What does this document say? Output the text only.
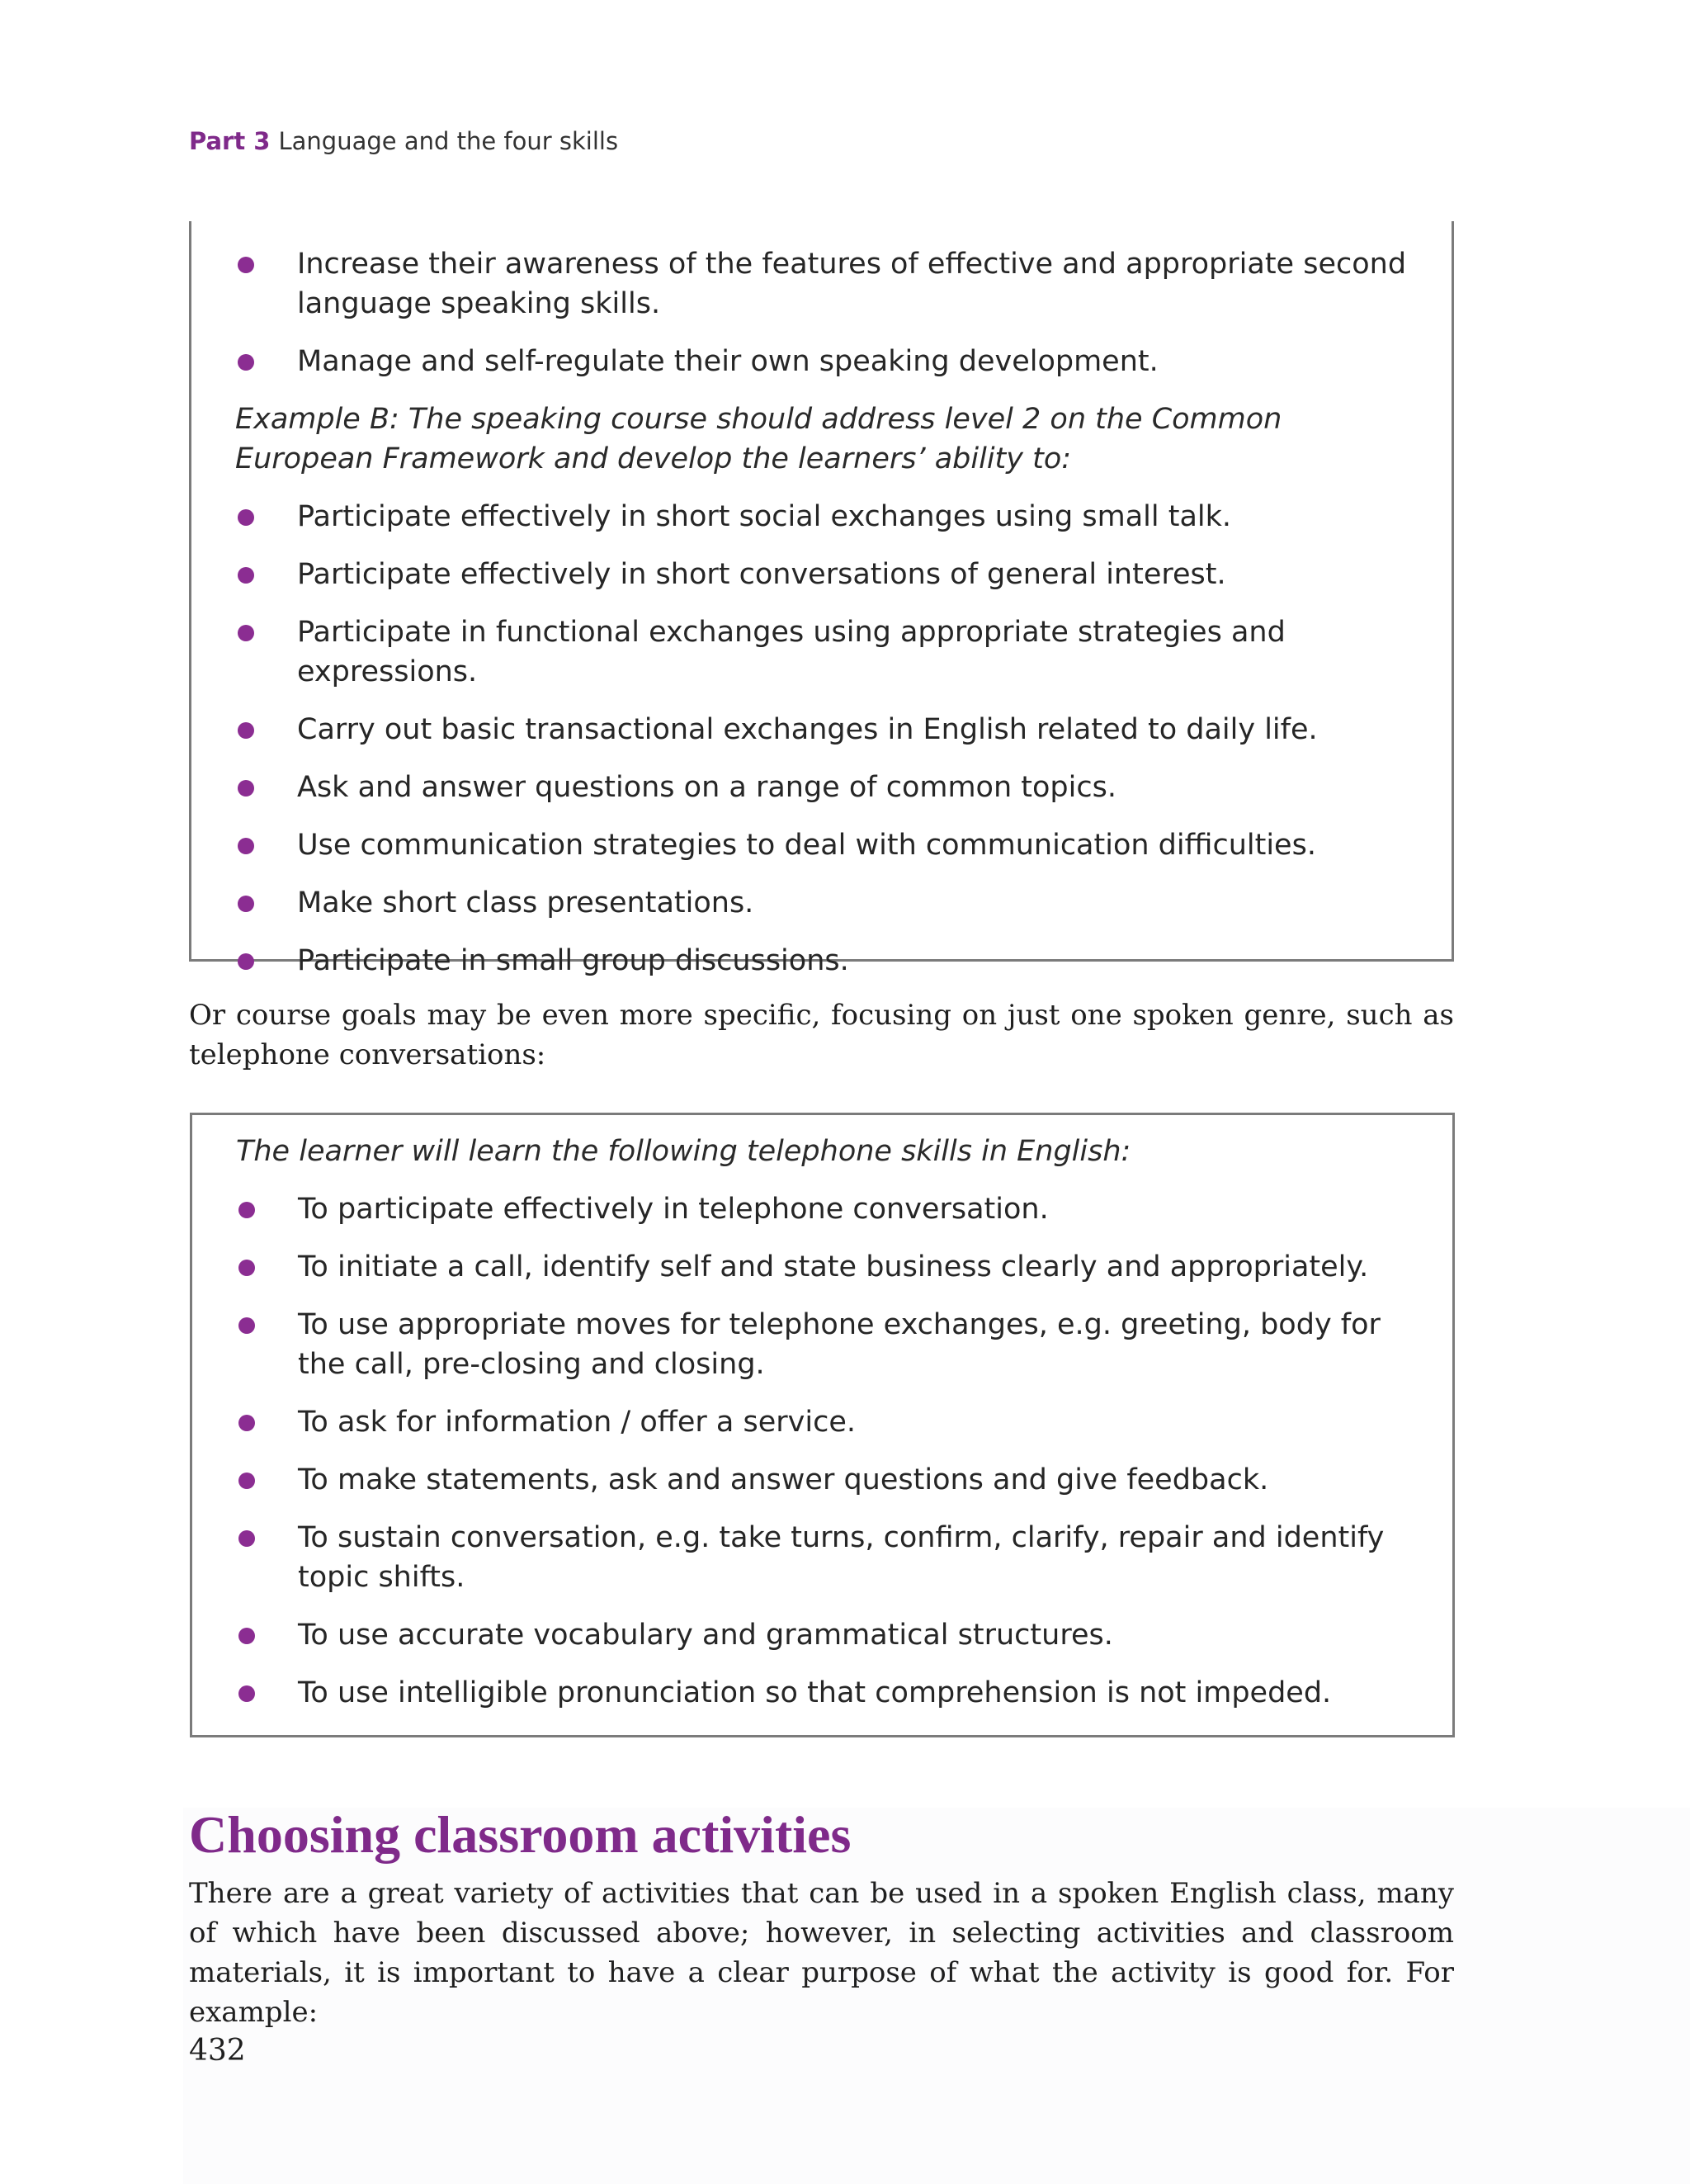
Part 3 Language and the four skills
Increase their awareness of the features of effective and appropriate second language speaking skills.
Manage and self-regulate their own speaking development.

Example B: The speaking course should address level 2 on the Common European Framework and develop the learners’ ability to:

Participate effectively in short social exchanges using small talk.
Participate effectively in short conversations of general interest.
Participate in functional exchanges using appropriate strategies and expressions.
Carry out basic transactional exchanges in English related to daily life.
Ask and answer questions on a range of common topics.
Use communication strategies to deal with communication difficulties.
Make short class presentations.
Participate in small group discussions.

Or course goals may be even more specific, focusing on just one spoken genre, such as telephone conversations:

The learner will learn the following telephone skills in English:

To participate effectively in telephone conversation.
To initiate a call, identify self and state business clearly and appropriately.
To use appropriate moves for telephone exchanges, e.g. greeting, body for the call, pre-closing and closing.
To ask for information / offer a service.
To make statements, ask and answer questions and give feedback.
To sustain conversation, e.g. take turns, confirm, clarify, repair and identify topic shifts.
To use accurate vocabulary and grammatical structures.
To use intelligible pronunciation so that comprehension is not impeded.
Choosing classroom activities

There are a great variety of activities that can be used in a spoken English class, many of which have been discussed above; however, in selecting activities and classroom materials, it is important to have a clear purpose of what the activity is good for. For example:

432
